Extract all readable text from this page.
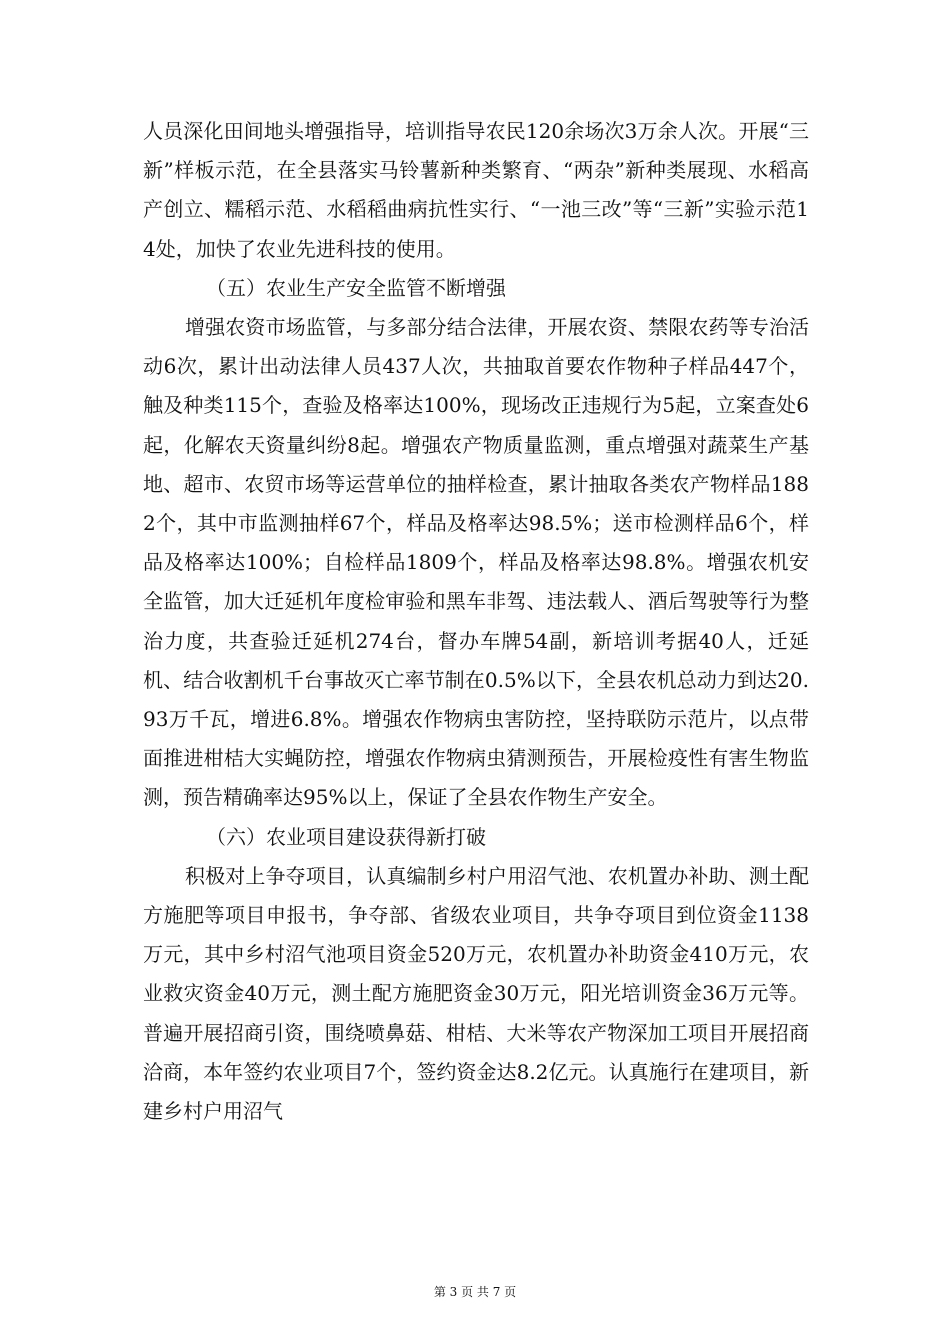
人员深化田间地头增强指导，培训指导农民120余场次3万余人次。开展“三新”样板示范，在全县落实马铃薯新种类繁育、“两杂”新种类展现、水稻高产创立、糯稻示范、水稻稻曲病抗性实行、“一池三改”等“三新”实验示范14处，加快了农业先进科技的使用。

（五）农业生产安全监管不断增强

增强农资市场监管，与多部分结合法律，开展农资、禁限农药等专治活动6次，累计出动法律人员437人次，共抽取首要农作物种子样品447个，触及种类115个，查验及格率达100%，现场改正违规行为5起，立案查处6起，化解农天资量纠纷8起。增强农产物质量监测，重点增强对蔬菜生产基地、超市、农贸市场等运营单位的抽样检查，累计抽取各类农产物样品1882个，其中市监测抽样67个，样品及格率达98.5%；送市检测样品6个，样品及格率达100%；自检样品1809个，样品及格率达98.8%。增强农机安全监管，加大迁延机年度检审验和黑车非驾、违法载人、酒后驾驶等行为整治力度，共查验迁延机274台，督办车牌54副，新培训考据40人，迁延机、结合收割机千台事故灭亡率节制在0.5%以下，全县农机总动力到达20.93万千瓦，增进6.8%。增强农作物病虫害防控，坚持联防示范片，以点带面推进柑桔大实蝇防控，增强农作物病虫猜测预告，开展检疫性有害生物监测，预告精确率达95%以上，保证了全县农作物生产安全。

（六）农业项目建设获得新打破

积极对上争夺项目，认真编制乡村户用沼气池、农机置办补助、测土配方施肥等项目申报书，争夺部、省级农业项目，共争夺项目到位资金1138万元，其中乡村沼气池项目资金520万元，农机置办补助资金410万元，农业救灾资金40万元，测土配方施肥资金30万元，阳光培训资金36万元等。普遍开展招商引资，围绕喷鼻菇、柑桔、大米等农产物深加工项目开展招商洽商，本年签约农业项目7个，签约资金达8.2亿元。认真施行在建项目，新建乡村户用沼气

第 3 页 共 7 页
